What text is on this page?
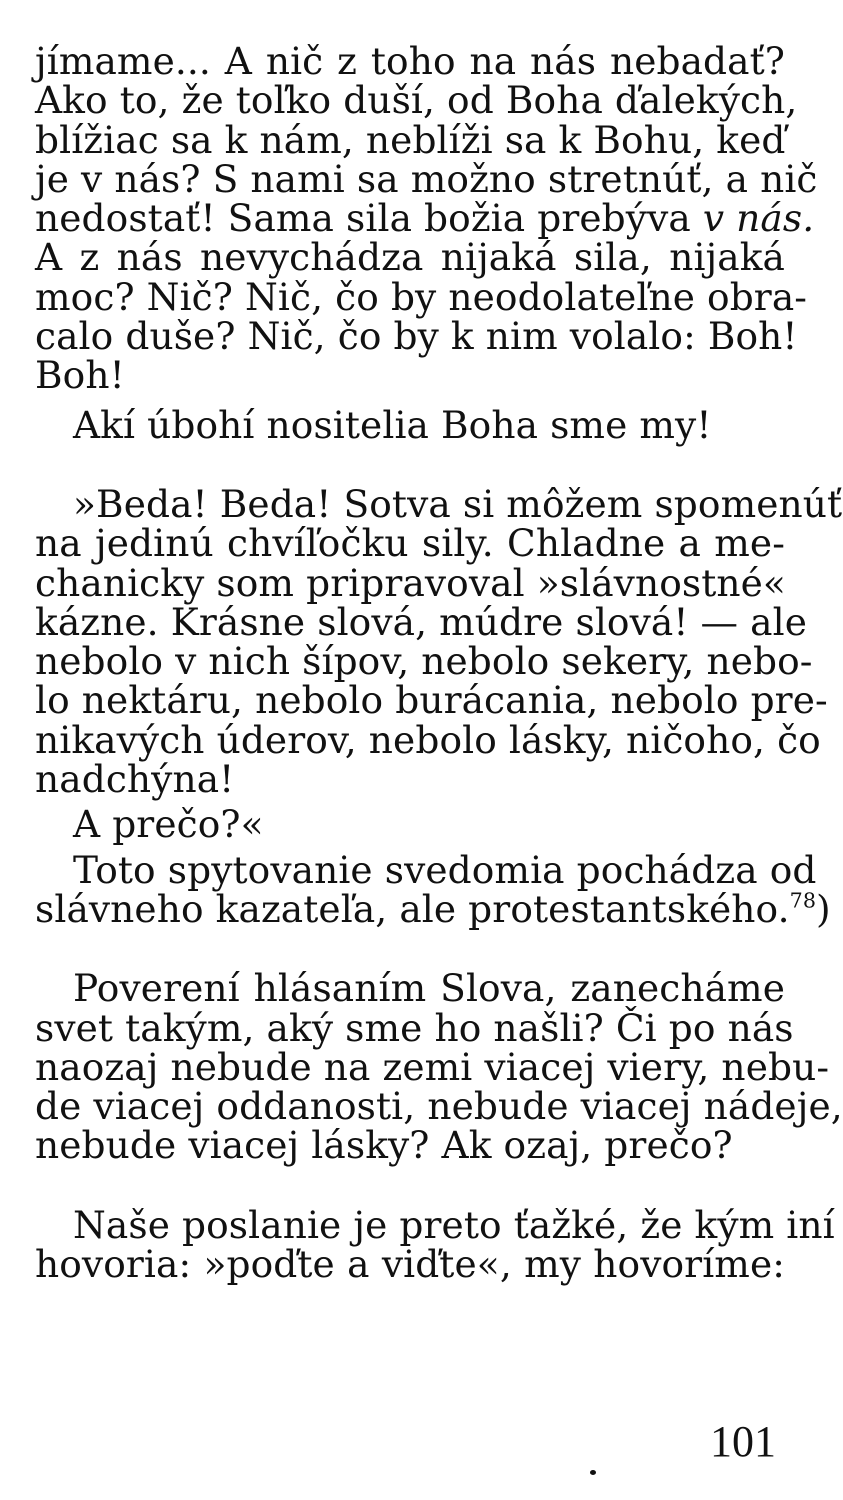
jímame... A nič z toho na nás nebadať?
Ako to, že toľko duší, od Boha ďalekých,
blížiac sa k nám, neblíži sa k Bohu, keď
je v nás? S nami sa možno stretnúť, a nič
nedostať! Sama sila božia prebýva v nás.
A z nás nevychádza nijaká sila, nijaká
moc? Nič? Nič, čo by neodolateľne obra-
calo duše? Nič, čo by k nim volalo: Boh!
Boh!
Akí úbohí nositelia Boha sme my!
»Beda! Beda! Sotva si môžem spomenúť
na jedinú chvíľočku sily. Chladne a me-
chanicky som pripravoval »slávnostné«
kázne. Krásne slová, múdre slová! — ale
nebolo v nich šípov, nebolo sekery, nebo-
lo nektáru, nebolo burácania, nebolo pre-
nikavých úderov, nebolo lásky, ničoho, čo
nadchýna!
A prečo?«
Toto spytovanie svedomia pochádza od
slávneho kazateľa, ale protestantského.$^{78}$)
Poverení hlásaním Slova, zanecháme
svet takým, aký sme ho našli? Či po nás
naozaj nebude na zemi viacej viery, nebu-
de viacej oddanosti, nebude viacej nádeje,
nebude viacej lásky? Ak ozaj, prečo?
Naše poslanie je preto ťažké, že kým iní
hovoria: »poďte a viďte«, my hovoríme:
101
